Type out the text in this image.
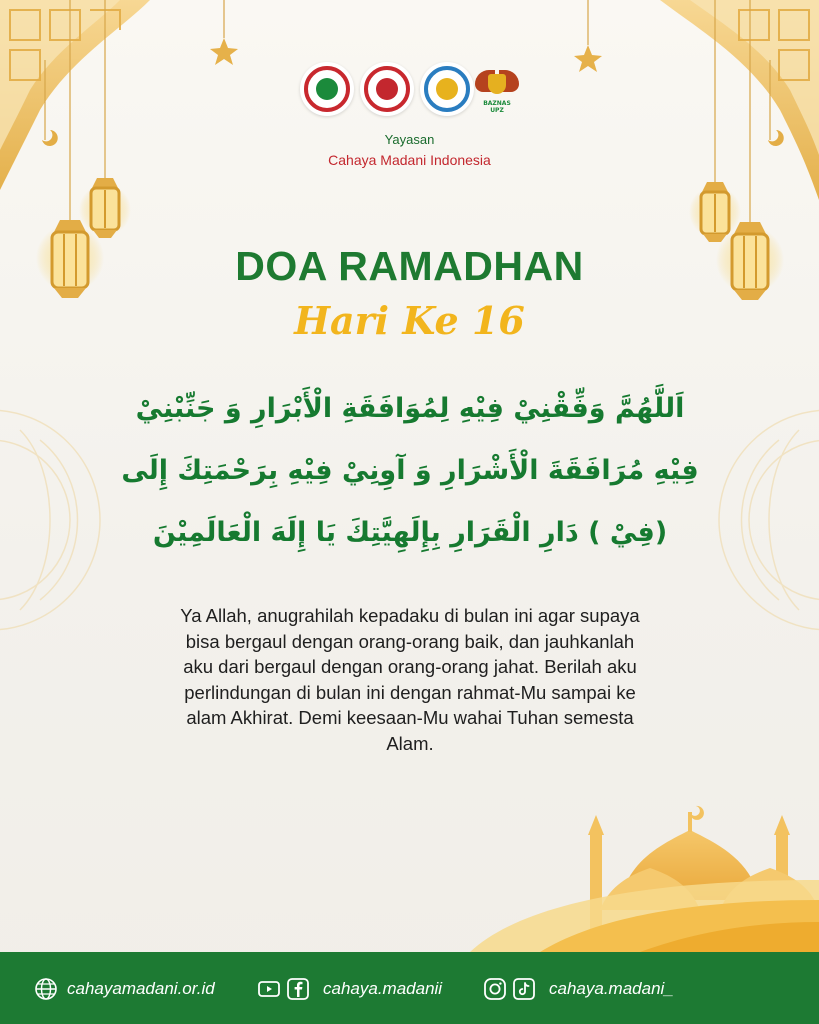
BAZNAS UPZ
Yayasan
Cahaya Madani Indonesia
DOA RAMADHAN
Hari Ke 16
اَللَّهُمَّ وَفِّقْنِيْ فِيْهِ لِمُوَافَقَةِ الْأَبْرَارِ وَ جَنِّبْنِيْ
فِيْهِ مُرَافَقَةَ الْأَشْرَارِ وَ آوِنِيْ فِيْهِ بِرَحْمَتِكَ إِلَى
(فِيْ ) دَارِ الْقَرَارِ بِإِلَهِيَّتِكَ يَا إِلَهَ الْعَالَمِيْنَ
Ya Allah, anugrahilah kepadaku di bulan ini agar supaya
bisa bergaul dengan orang-orang baik, dan jauhkanlah
aku dari bergaul dengan orang-orang jahat. Berilah aku
perlindungan di bulan ini dengan rahmat-Mu sampai ke
alam Akhirat. Demi keesaan-Mu wahai Tuhan semesta
Alam.
cahayamadani.or.id	cahaya.madanii	cahaya.madani_
